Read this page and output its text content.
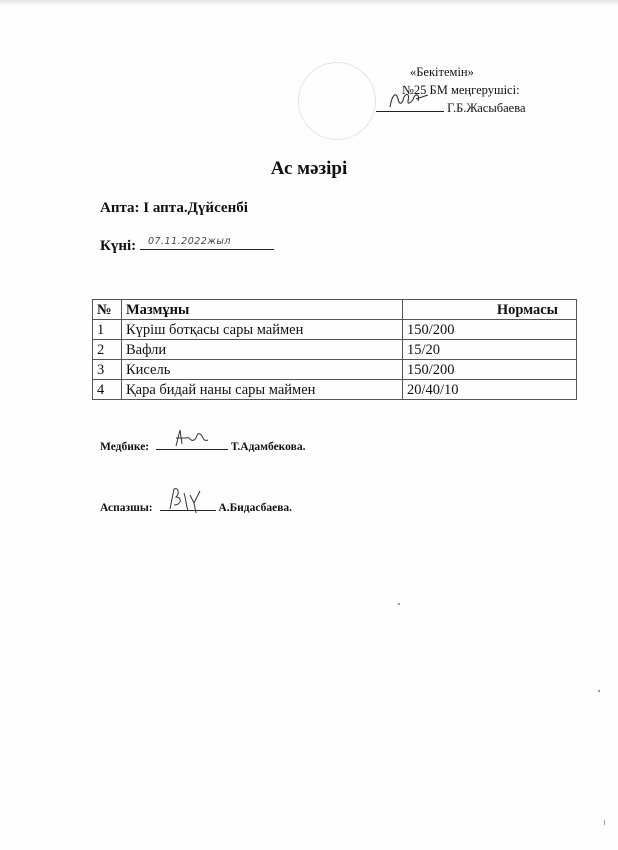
«Бекітемін»
№25 БМ меңгерушісі:
Г.Б.Жасыбаева
Ас мәзірі
Апта: І апта.Дүйсенбі
Күні: 07.11.2022жыл
№	Мазмұны	Нормасы
1	Күріш ботқасы сары маймен	150/200
2	Вафли	15/20
3	Кисель	150/200
4	Қара бидай наны сары маймен	20/40/10
Медбике:	Т.Адамбекова.
Аспазшы:	А.Бидасбаева.
